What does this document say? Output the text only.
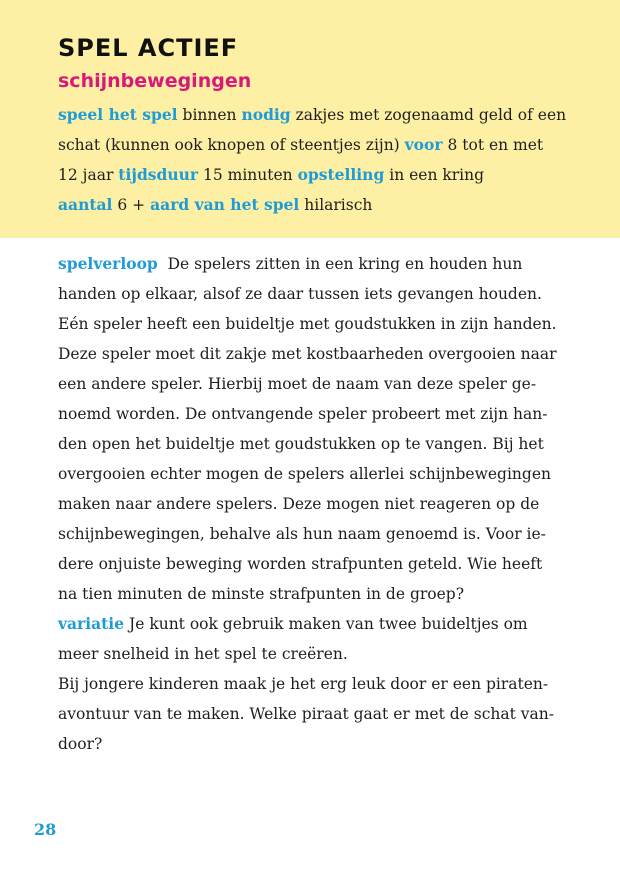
SPEL ACTIEF
schijnbewegingen

speel het spel binnen nodig zakjes met zogenaamd geld of een
schat (kunnen ook knopen of steentjes zijn) voor 8 tot en met
12 jaar tijdsduur 15 minuten opstelling in een kring
aantal 6 + aard van het spel hilarisch

spelverloop De spelers zitten in een kring en houden hun
handen op elkaar, alsof ze daar tussen iets gevangen houden.
Eén speler heeft een buideltje met goudstukken in zijn handen.
Deze speler moet dit zakje met kostbaarheden overgooien naar
een andere speler. Hierbij moet de naam van deze speler ge-
noemd worden. De ontvangende speler probeert met zijn han-
den open het buideltje met goudstukken op te vangen. Bij het
overgooien echter mogen de spelers allerlei schijnbewegingen
maken naar andere spelers. Deze mogen niet reageren op de
schijnbewegingen, behalve als hun naam genoemd is. Voor ie-
dere onjuiste beweging worden strafpunten geteld. Wie heeft
na tien minuten de minste strafpunten in de groep?
variatie Je kunt ook gebruik maken van twee buideltjes om
meer snelheid in het spel te creëren.
Bij jongere kinderen maak je het erg leuk door er een piraten-
avontuur van te maken. Welke piraat gaat er met de schat van-
door?
28
